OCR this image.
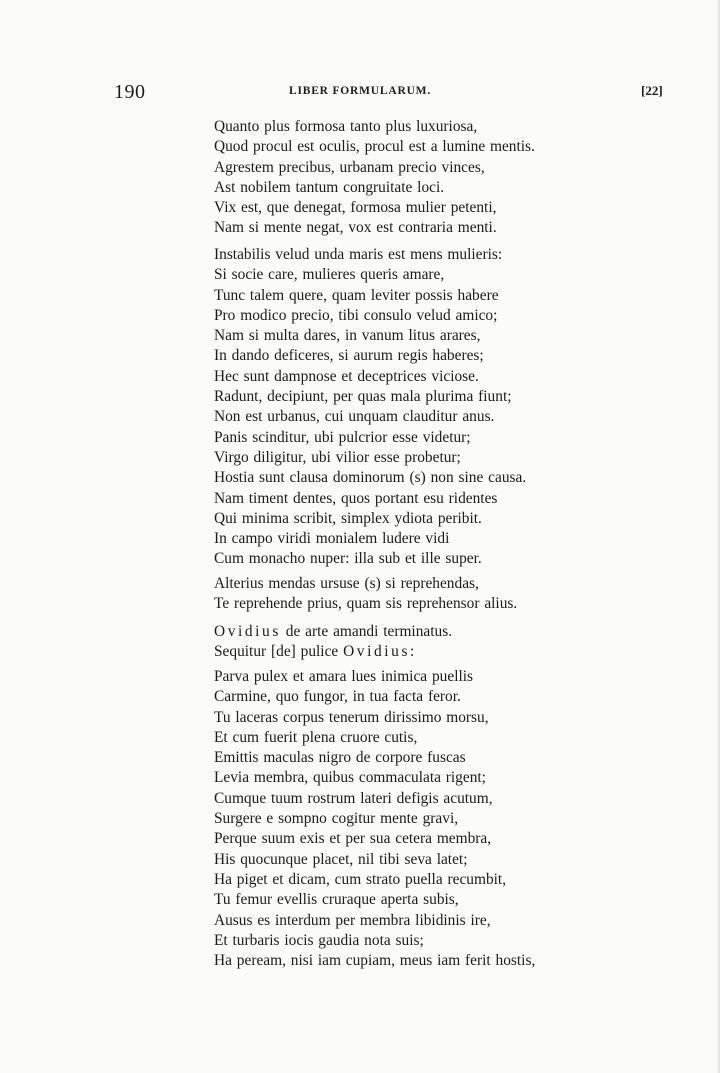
190	LIBER FORMULARUM.	[22]
Quanto plus formosa tanto plus luxuriosa,
Quod procul est oculis, procul est a lumine mentis.
Agrestem precibus, urbanam precio vinces,
Ast nobilem tantum congruitate loci.
Vix est, que denegat, formosa mulier petenti,
Nam si mente negat, vox est contraria menti.
Instabilis velud unda maris est mens mulieris:
Si socie care, mulieres queris amare,
Tunc talem quere, quam leviter possis habere
Pro modico precio, tibi consulo velud amico;
Nam si multa dares, in vanum litus arares,
In dando deficeres, si aurum regis haberes;
Hec sunt dampnose et deceptrices viciose.
Radunt, decipiunt, per quas mala plurima fiunt;
Non est urbanus, cui unquam clauditur anus.
Panis scinditur, ubi pulcrior esse videtur;
Virgo diligitur, ubi vilior esse probetur;
Hostia sunt clausa dominorum (s) non sine causa.
Nam timent dentes, quos portant esu ridentes
Qui minima scribit, simplex ydiota peribit.
In campo viridi monialem ludere vidi
Cum monacho nuper: illa sub et ille super.
Alterius mendas ursuse (s) si reprehendas,
Te reprehende prius, quam sis reprehensor alius.
Ovidius de arte amandi terminatus.
Sequitur [de] pulice Ovidius:
Parva pulex et amara lues inimica puellis
Carmine, quo fungor, in tua facta feror.
Tu laceras corpus tenerum dirissimo morsu,
Et cum fuerit plena cruore cutis,
Emittis maculas nigro de corpore fuscas
Levia membra, quibus commaculata rigent;
Cumque tuum rostrum lateri defigis acutum,
Surgere e sompno cogitur mente gravi,
Perque suum exis et per sua cetera membra,
His quocunque placet, nil tibi seva latet;
Ha piget et dicam, cum strato puella recumbit,
Tu femur evellis cruraque aperta subis,
Ausus es interdum per membra libidinis ire,
Et turbaris iocis gaudia nota suis;
Ha peream, nisi iam cupiam, meus iam ferit hostis,
